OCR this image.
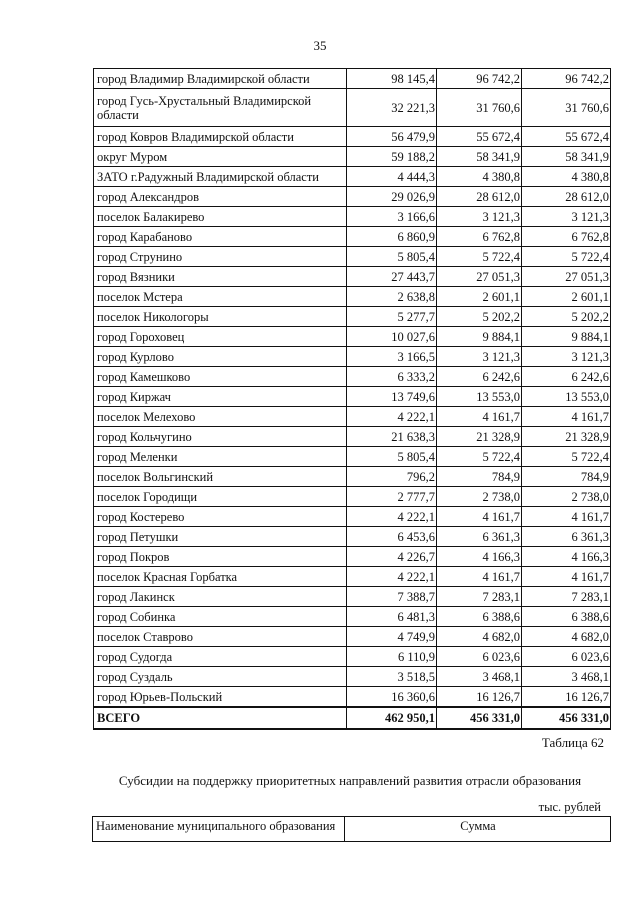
35
город Владимир Владимирской области	98 145,4	96 742,2	96 742,2
город Гусь-Хрустальный Владимирской области	32 221,3	31 760,6	31 760,6
город Ковров Владимирской области	56 479,9	55 672,4	55 672,4
округ Муром	59 188,2	58 341,9	58 341,9
ЗАТО г.Радужный Владимирской области	4 444,3	4 380,8	4 380,8
город Александров	29 026,9	28 612,0	28 612,0
поселок Балакирево	3 166,6	3 121,3	3 121,3
город Карабаново	6 860,9	6 762,8	6 762,8
город Струнино	5 805,4	5 722,4	5 722,4
город Вязники	27 443,7	27 051,3	27 051,3
поселок Мстера	2 638,8	2 601,1	2 601,1
поселок Никологоры	5 277,7	5 202,2	5 202,2
город Гороховец	10 027,6	9 884,1	9 884,1
город Курлово	3 166,5	3 121,3	3 121,3
город Камешково	6 333,2	6 242,6	6 242,6
город Киржач	13 749,6	13 553,0	13 553,0
поселок Мелехово	4 222,1	4 161,7	4 161,7
город Кольчугино	21 638,3	21 328,9	21 328,9
город Меленки	5 805,4	5 722,4	5 722,4
поселок Вольгинский	796,2	784,9	784,9
поселок Городищи	2 777,7	2 738,0	2 738,0
город Костерево	4 222,1	4 161,7	4 161,7
город Петушки	6 453,6	6 361,3	6 361,3
город Покров	4 226,7	4 166,3	4 166,3
поселок Красная Горбатка	4 222,1	4 161,7	4 161,7
город Лакинск	7 388,7	7 283,1	7 283,1
город Собинка	6 481,3	6 388,6	6 388,6
поселок Ставрово	4 749,9	4 682,0	4 682,0
город Судогда	6 110,9	6 023,6	6 023,6
город Суздаль	3 518,5	3 468,1	3 468,1
город Юрьев-Польский	16 360,6	16 126,7	16 126,7
ВСЕГО	462 950,1	456 331,0	456 331,0
Таблица 62
Субсидии на поддержку приоритетных направлений развития отрасли образования
тыс. рублей
Наименование муниципального образования	Сумма
